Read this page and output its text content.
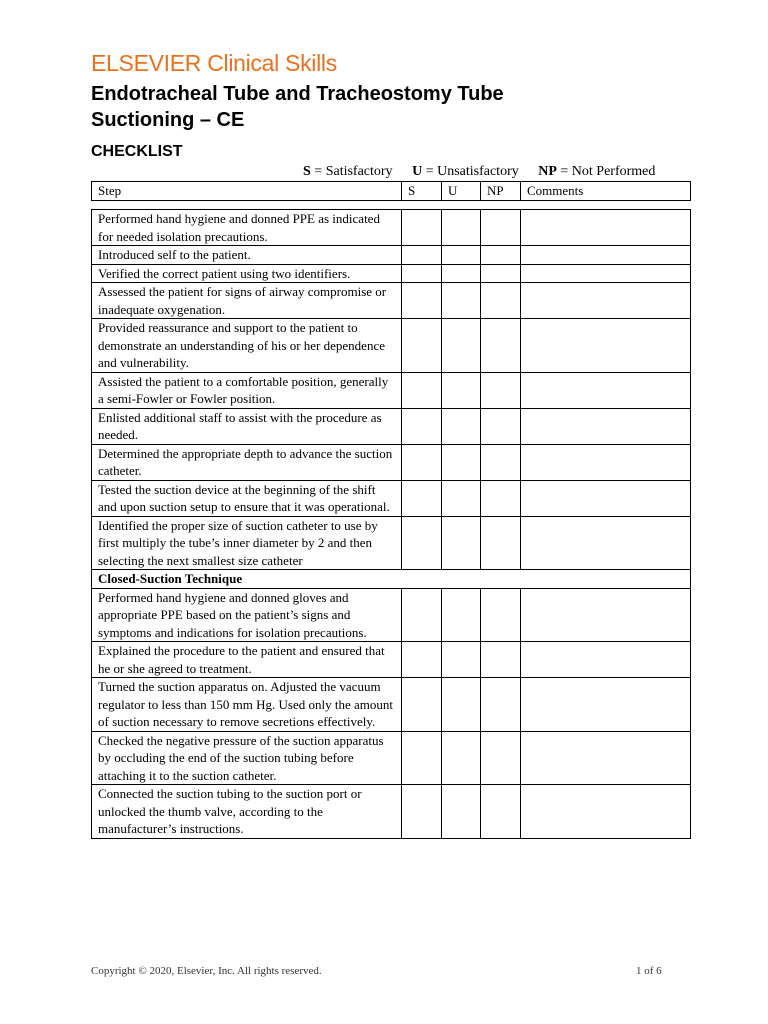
ELSEVIER Clinical Skills
Endotracheal Tube and Tracheostomy Tube
Suctioning – CE
CHECKLIST
S = Satisfactory U = Unsatisfactory NP = Not Performed
Step	S	U	NP	Comments
Performed hand hygiene and donned PPE as indicated for needed isolation precautions.				
Introduced self to the patient.				
Verified the correct patient using two identifiers.				
Assessed the patient for signs of airway compromise or inadequate oxygenation.				
Provided reassurance and support to the patient to demonstrate an understanding of his or her dependence and vulnerability.				
Assisted the patient to a comfortable position, generally a semi-Fowler or Fowler position.				
Enlisted additional staff to assist with the procedure as needed.				
Determined the appropriate depth to advance the suction catheter.				
Tested the suction device at the beginning of the shift and upon suction setup to ensure that it was operational.				
Identified the proper size of suction catheter to use by first multiply the tube’s inner diameter by 2 and then selecting the next smallest size catheter				
Closed-Suction Technique				
Performed hand hygiene and donned gloves and appropriate PPE based on the patient’s signs and symptoms and indications for isolation precautions.				
Explained the procedure to the patient and ensured that he or she agreed to treatment.				
Turned the suction apparatus on. Adjusted the vacuum regulator to less than 150 mm Hg. Used only the amount of suction necessary to remove secretions effectively.				
Checked the negative pressure of the suction apparatus by occluding the end of the suction tubing before attaching it to the suction catheter.				
Connected the suction tubing to the suction port or unlocked the thumb valve, according to the manufacturer’s instructions.				
Copyright © 2020, Elsevier, Inc. All rights reserved.	1 of 6
